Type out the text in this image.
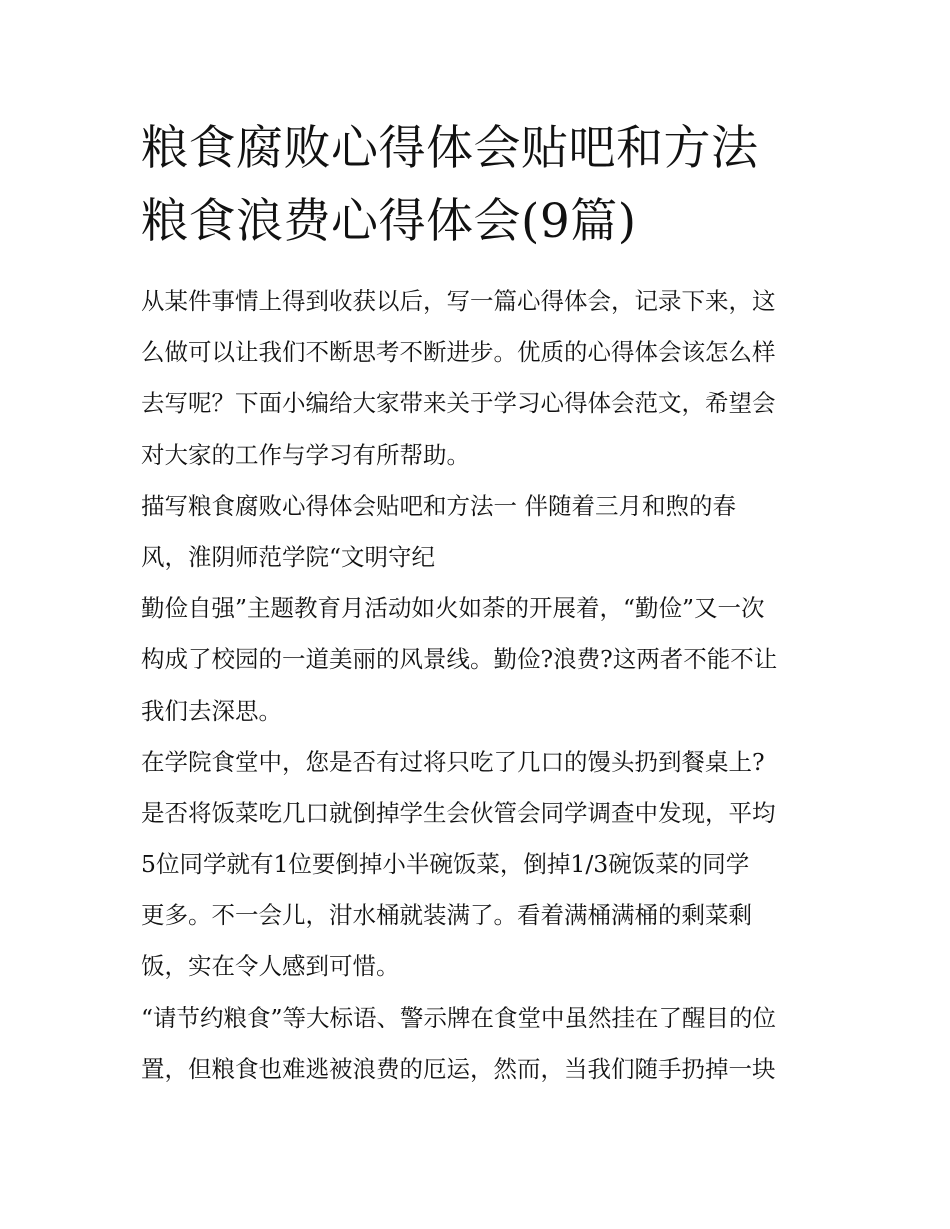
粮食腐败心得体会贴吧和方法
粮食浪费心得体会(9篇)
从某件事情上得到收获以后，写一篇心得体会，记录下来，这
么做可以让我们不断思考不断进步。优质的心得体会该怎么样
去写呢？下面小编给大家带来关于学习心得体会范文，希望会
对大家的工作与学习有所帮助。
描写粮食腐败心得体会贴吧和方法一 伴随着三月和煦的春
风，淮阴师范学院“文明守纪
勤俭自强”主题教育月活动如火如荼的开展着，“勤俭”又一次
构成了校园的一道美丽的风景线。勤俭?浪费?这两者不能不让
我们去深思。
在学院食堂中，您是否有过将只吃了几口的馒头扔到餐桌上?
是否将饭菜吃几口就倒掉学生会伙管会同学调查中发现，平均
5位同学就有1位要倒掉小半碗饭菜，倒掉1/3碗饭菜的同学
更多。不一会儿，泔水桶就装满了。看着满桶满桶的剩菜剩
饭，实在令人感到可惜。
“请节约粮食”等大标语、警示牌在食堂中虽然挂在了醒目的位
置，但粮食也难逃被浪费的厄运，然而，当我们随手扔掉一块
